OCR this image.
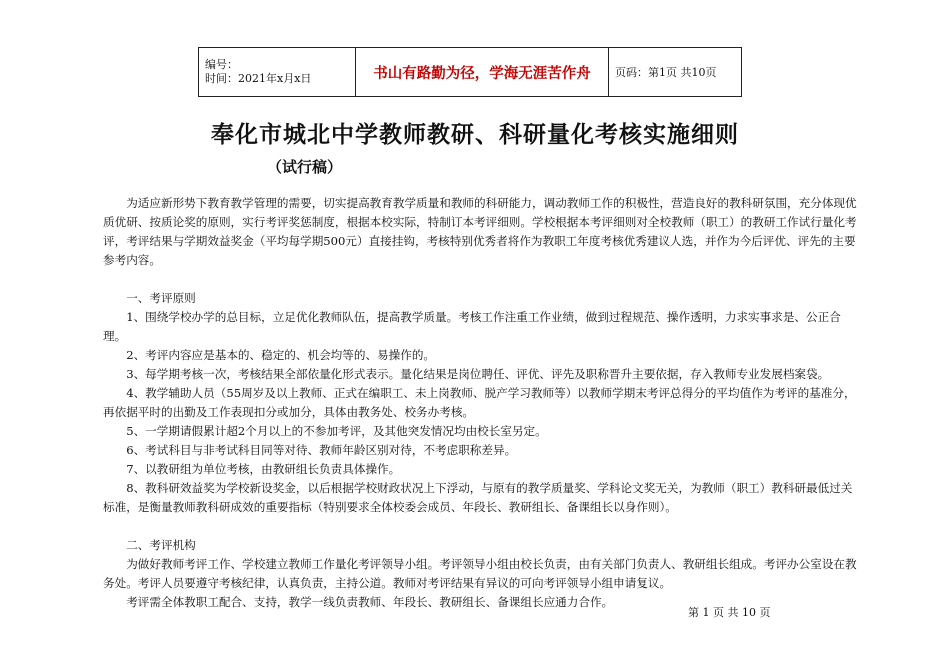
编号：
时间：2021年x月x日	书山有路勤为径，学海无涯苦作舟	页码：第1页 共10页
奉化市城北中学教师教研、科研量化考核实施细则
（试行稿）

为适应新形势下教育教学管理的需要，切实提高教育教学质量和教师的科研能力，调动教师工作的积极性，营造良好的教科研氛围，充分体现优质优研、按质论奖的原则，实行考评奖惩制度，根据本校实际，特制订本考评细则。学校根据本考评细则对全校教师（职工）的教研工作试行量化考评，考评结果与学期效益奖金（平均每学期500元）直接挂钩，考核特别优秀者将作为教职工年度考核优秀建议人选，并作为今后评优、评先的主要参考内容。

一、考评原则

1、围绕学校办学的总目标，立足优化教师队伍，提高教学质量。考核工作注重工作业绩，做到过程规范、操作透明，力求实事求是、公正合理。

2、考评内容应是基本的、稳定的、机会均等的、易操作的。

3、每学期考核一次，考核结果全部依量化形式表示。量化结果是岗位聘任、评优、评先及职称晋升主要依据，存入教师专业发展档案袋。

4、教学辅助人员（55周岁及以上教师、正式在编职工、未上岗教师、脱产学习教师等）以教师学期末考评总得分的平均值作为考评的基准分，再依据平时的出勤及工作表现扣分或加分，具体由教务处、校务办考核。

5、一学期请假累计超2个月以上的不参加考评，及其他突发情况均由校长室另定。

6、考试科目与非考试科目同等对待、教师年龄区别对待，不考虑职称差异。

7、以教研组为单位考核，由教研组长负责具体操作。

8、教科研效益奖为学校新设奖金，以后根据学校财政状况上下浮动，与原有的教学质量奖、学科论文奖无关，为教师（职工）教科研最低过关标准，是衡量教师教科研成效的重要指标（特别要求全体校委会成员、年段长、教研组长、备课组长以身作则）。

二、考评机构

为做好教师考评工作、学校建立教师工作量化考评领导小组。考评领导小组由校长负责，由有关部门负责人、教研组长组成。考评办公室设在教务处。考评人员要遵守考核纪律，认真负责，主持公道。教师对考评结果有异议的可向考评领导小组申请复议。

考评需全体教职工配合、支持，教学一线负责教师、年段长、教研组长、备课组长应通力合作。

第 1 页 共 10 页
